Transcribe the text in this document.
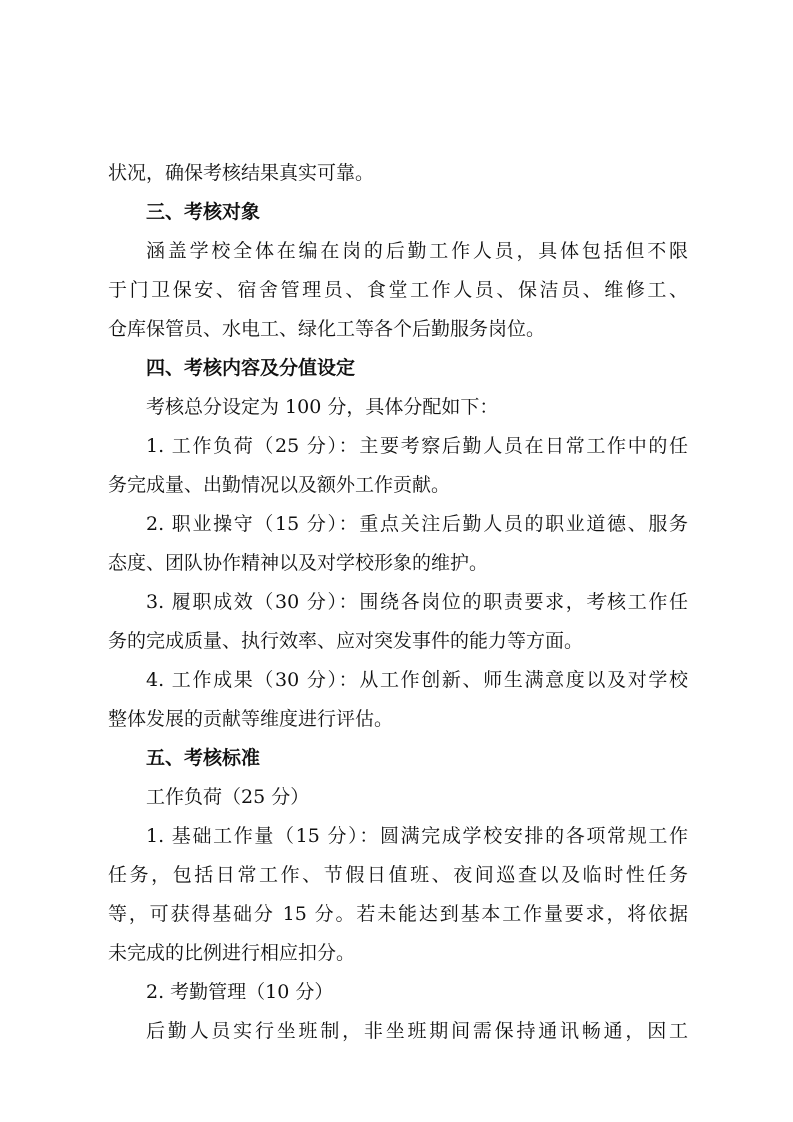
状况，确保考核结果真实可靠。
三、考核对象
涵盖学校全体在编在岗的后勤工作人员，具体包括但不限
于门卫保安、宿舍管理员、食堂工作人员、保洁员、维修工、
仓库保管员、水电工、绿化工等各个后勤服务岗位。
四、考核内容及分值设定
考核总分设定为 100 分，具体分配如下：
1. 工作负荷（25 分）：主要考察后勤人员在日常工作中的任
务完成量、出勤情况以及额外工作贡献。
2. 职业操守（15 分）：重点关注后勤人员的职业道德、服务
态度、团队协作精神以及对学校形象的维护。
3. 履职成效（30 分）：围绕各岗位的职责要求，考核工作任
务的完成质量、执行效率、应对突发事件的能力等方面。
4. 工作成果（30 分）：从工作创新、师生满意度以及对学校
整体发展的贡献等维度进行评估。
五、考核标准
工作负荷（25 分）
1. 基础工作量（15 分）：圆满完成学校安排的各项常规工作
任务，包括日常工作、节假日值班、夜间巡查以及临时性任务
等，可获得基础分 15 分。若未能达到基本工作量要求，将依据
未完成的比例进行相应扣分。
2. 考勤管理（10 分）
后勤人员实行坐班制，非坐班期间需保持通讯畅通，因工
